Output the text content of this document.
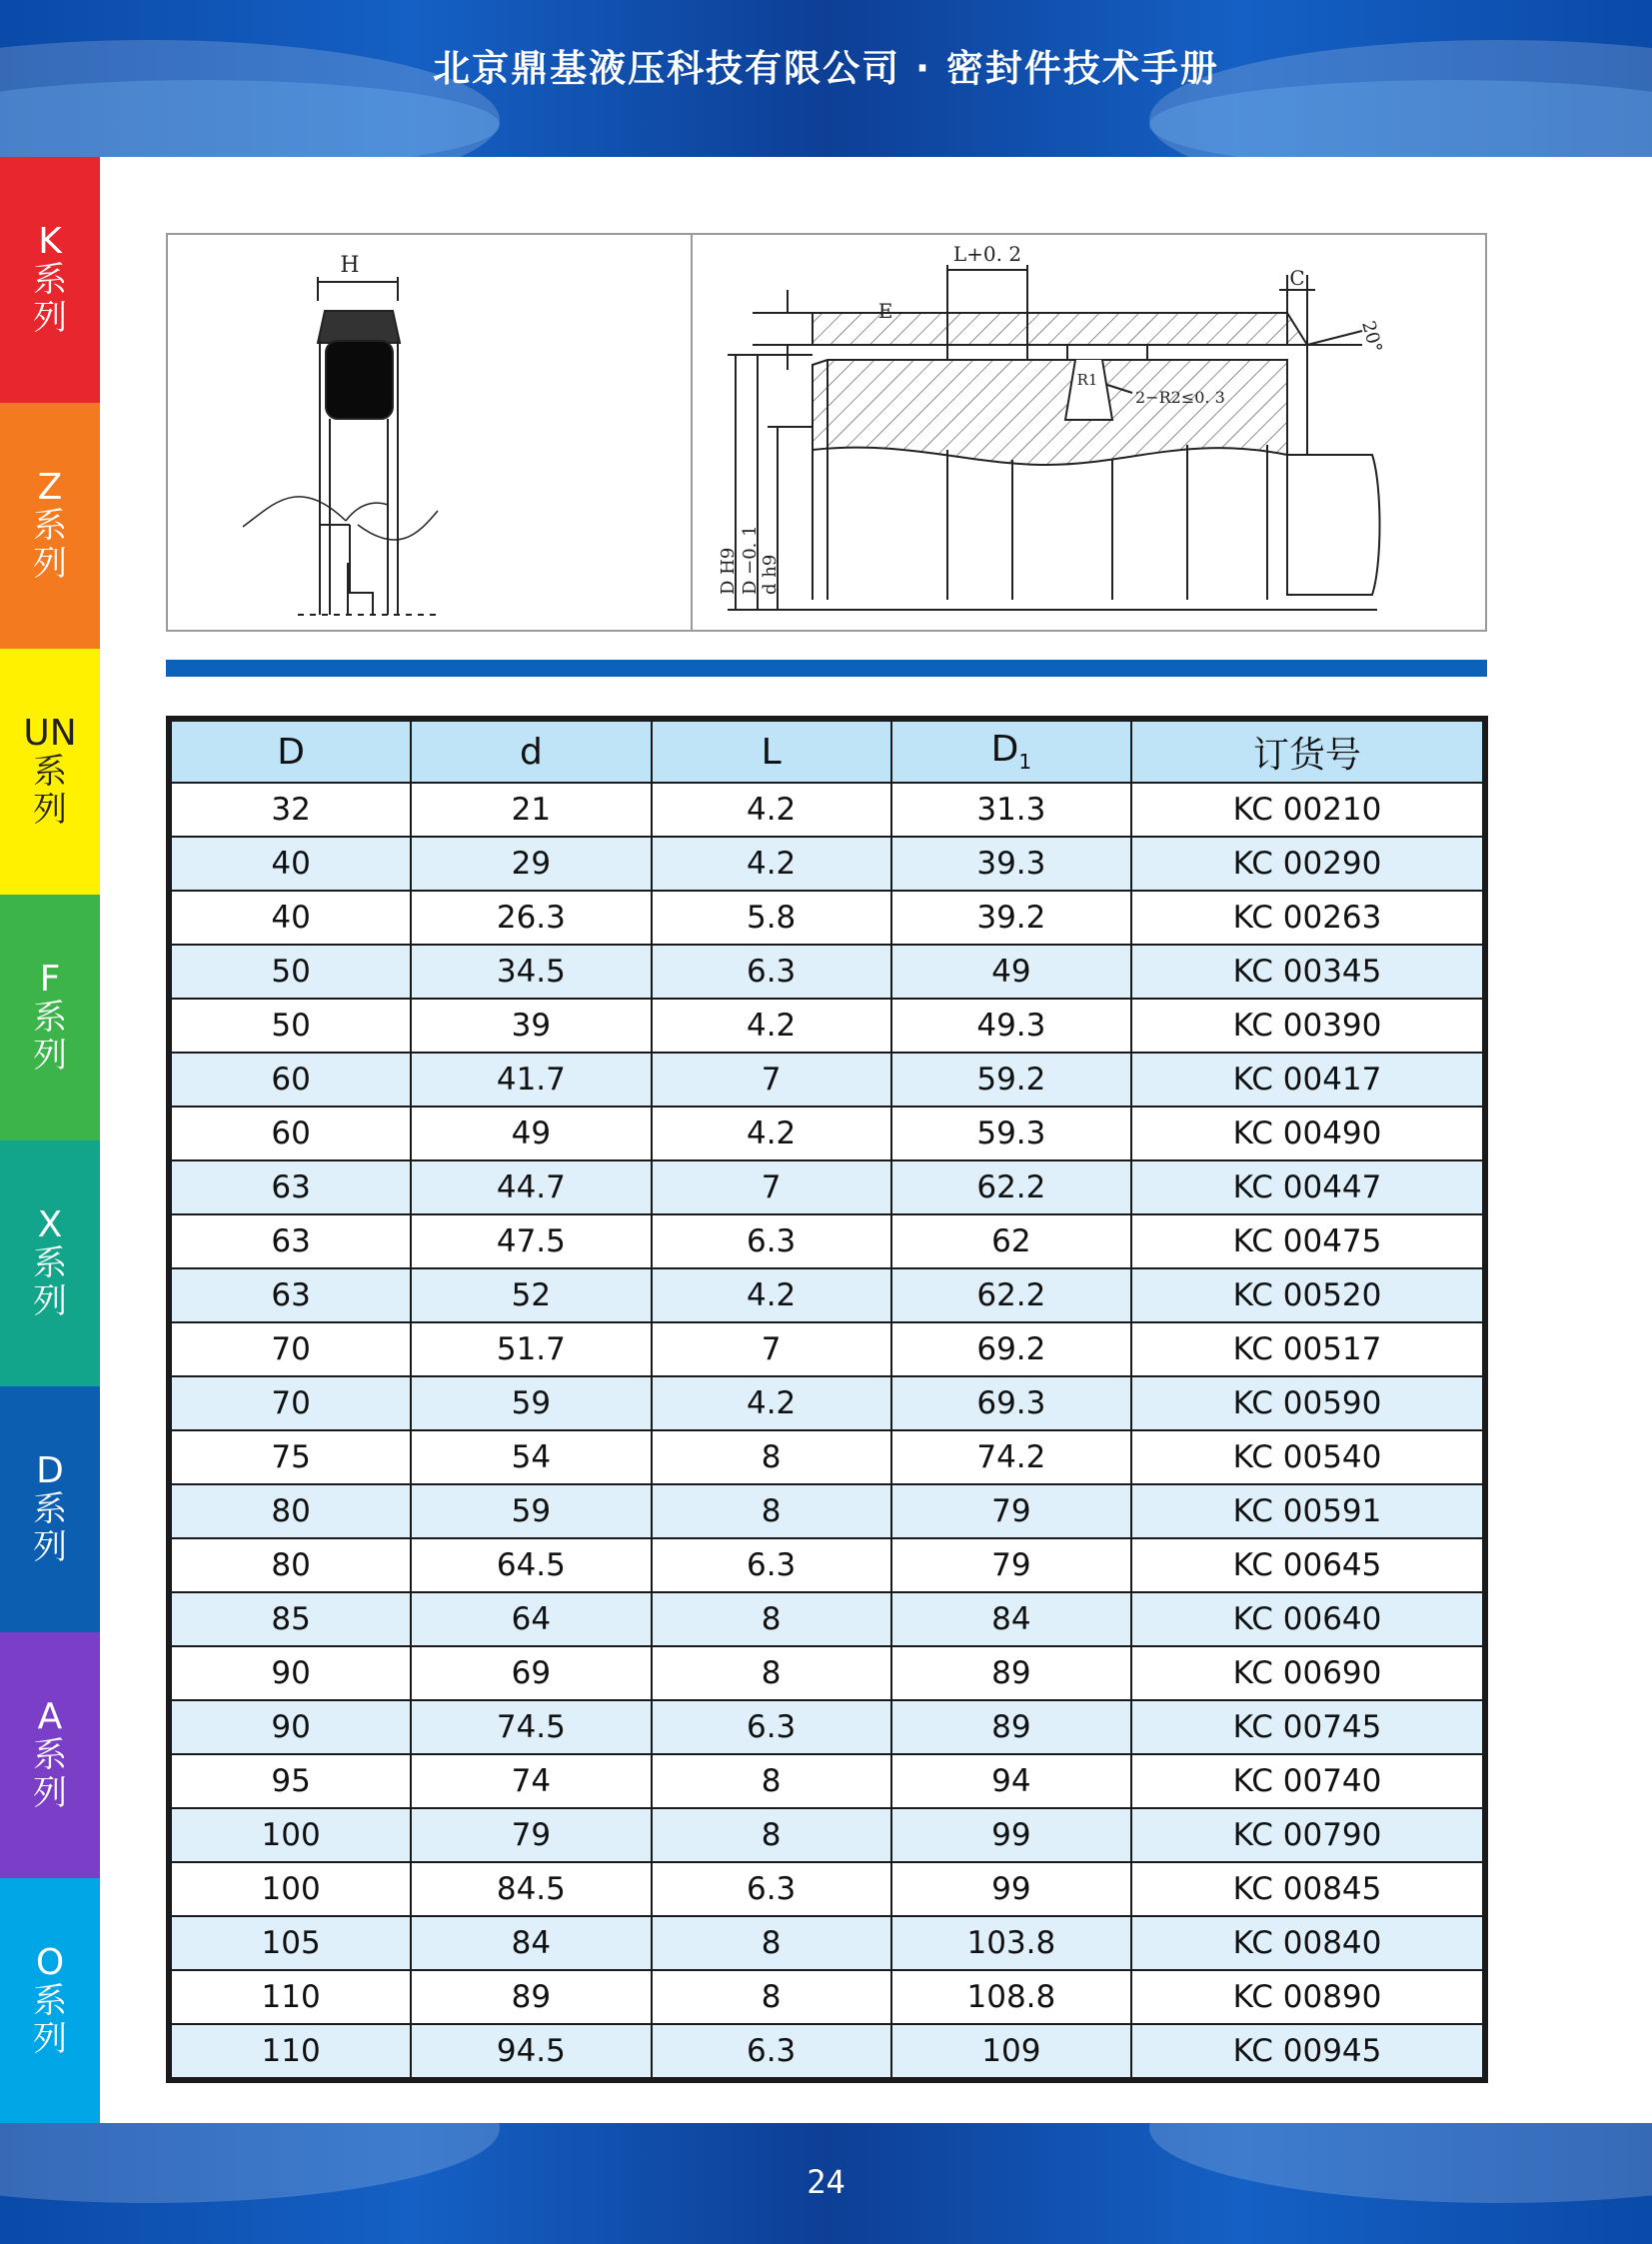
北京鼎基液压科技有限公司 · 密封件技术手册
K
系
列
Z
系
列
UN
系
列
F
系
列
X
系
列
D
系
列
A
系
列
O
系
列
H	L+0. 2
C
E
20°
R1
2−R2≤0. 3
D H9 D −0. 1 d h9
D	d	L	$D_1$	订货号
32	21	4.2	31.3	KC 00210
40	29	4.2	39.3	KC 00290
40	26.3	5.8	39.2	KC 00263
50	34.5	6.3	49	KC 00345
50	39	4.2	49.3	KC 00390
60	41.7	7	59.2	KC 00417
60	49	4.2	59.3	KC 00490
63	44.7	7	62.2	KC 00447
63	47.5	6.3	62	KC 00475
63	52	4.2	62.2	KC 00520
70	51.7	7	69.2	KC 00517
70	59	4.2	69.3	KC 00590
75	54	8	74.2	KC 00540
80	59	8	79	KC 00591
80	64.5	6.3	79	KC 00645
85	64	8	84	KC 00640
90	69	8	89	KC 00690
90	74.5	6.3	89	KC 00745
95	74	8	94	KC 00740
100	79	8	99	KC 00790
100	84.5	6.3	99	KC 00845
105	84	8	103.8	KC 00840
110	89	8	108.8	KC 00890
110	94.5	6.3	109	KC 00945
24
